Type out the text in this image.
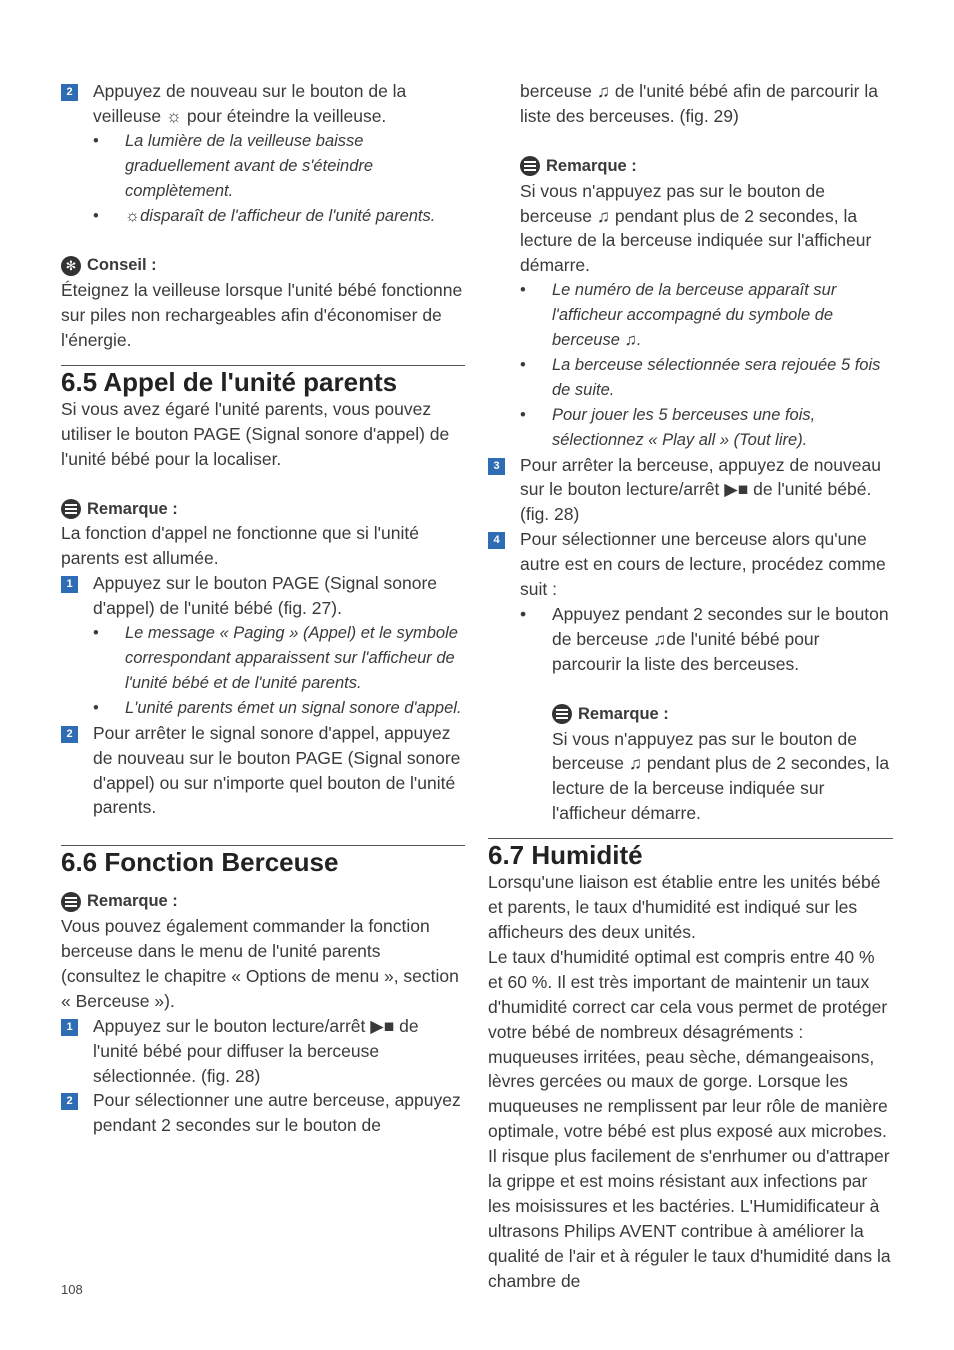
2	Appuyez de nouveau sur le bouton de la veilleuse ☼ pour éteindre la veilleuse.
• La lumière de la veilleuse baisse graduellement avant de s'éteindre complètement.
• ☼disparaît de l'afficheur de l'unité parents.
✻ Conseil :

Éteignez la veilleuse lorsque l'unité bébé fonctionne sur piles non rechargeables afin d'économiser de l'énergie.

6.5 Appel de l'unité parents

Si vous avez égaré l'unité parents, vous pouvez utiliser le bouton PAGE (Signal sonore d'appel) de l'unité bébé pour la localiser.

Remarque :

La fonction d'appel ne fonctionne que si l'unité parents est allumée.

1	Appuyez sur le bouton PAGE (Signal sonore d'appel) de l'unité bébé (fig. 27).
• Le message « Paging » (Appel) et le symbole correspondant apparaissent sur l'afficheur de l'unité bébé et de l'unité parents.
• L'unité parents émet un signal sonore d'appel.
2	Pour arrêter le signal sonore d'appel, appuyez de nouveau sur le bouton PAGE (Signal sonore d'appel) ou sur n'importe quel bouton de l'unité parents.
6.6 Fonction Berceuse
Remarque :

Vous pouvez également commander la fonction berceuse dans le menu de l'unité parents (consultez le chapitre « Options de menu », section « Berceuse »).

1	Appuyez sur le bouton lecture/arrêt ▶■ de l'unité bébé pour diffuser la berceuse sélectionnée. (fig. 28)
2	Pour sélectionner une autre berceuse, appuyez pendant 2 secondes sur le bouton de
berceuse ♫ de l'unité bébé afin de parcourir la liste des berceuses. (fig. 29)
Remarque :
Si vous n'appuyez pas sur le bouton de berceuse ♫ pendant plus de 2 secondes, la lecture de la berceuse indiquée sur l'afficheur démarre.
• Le numéro de la berceuse apparaît sur l'afficheur accompagné du symbole de berceuse ♫.
• La berceuse sélectionnée sera rejouée 5 fois de suite.
• Pour jouer les 5 berceuses une fois, sélectionnez « Play all » (Tout lire).
3	Pour arrêter la berceuse, appuyez de nouveau sur le bouton lecture/arrêt ▶■ de l'unité bébé. (fig. 28)
4	Pour sélectionner une berceuse alors qu'une autre est en cours de lecture, procédez comme suit :
• Appuyez pendant 2 secondes sur le bouton de berceuse ♫de l'unité bébé pour parcourir la liste des berceuses.
Remarque :

Si vous n'appuyez pas sur le bouton de berceuse ♫ pendant plus de 2 secondes, la lecture de la berceuse indiquée sur l'afficheur démarre.

6.7 Humidité

Lorsqu'une liaison est établie entre les unités bébé et parents, le taux d'humidité est indiqué sur les afficheurs des deux unités.

Le taux d'humidité optimal est compris entre 40 % et 60 %. Il est très important de maintenir un taux d'humidité correct car cela vous permet de protéger votre bébé de nombreux désagréments : muqueuses irritées, peau sèche, démangeaisons, lèvres gercées ou maux de gorge. Lorsque les muqueuses ne remplissent par leur rôle de manière optimale, votre bébé est plus exposé aux microbes. Il risque plus facilement de s'enrhumer ou d'attraper la grippe et est moins résistant aux infections par les moisissures et les bactéries. L'Humidificateur à ultrasons Philips AVENT contribue à améliorer la qualité de l'air et à réguler le taux d'humidité dans la chambre de

108
